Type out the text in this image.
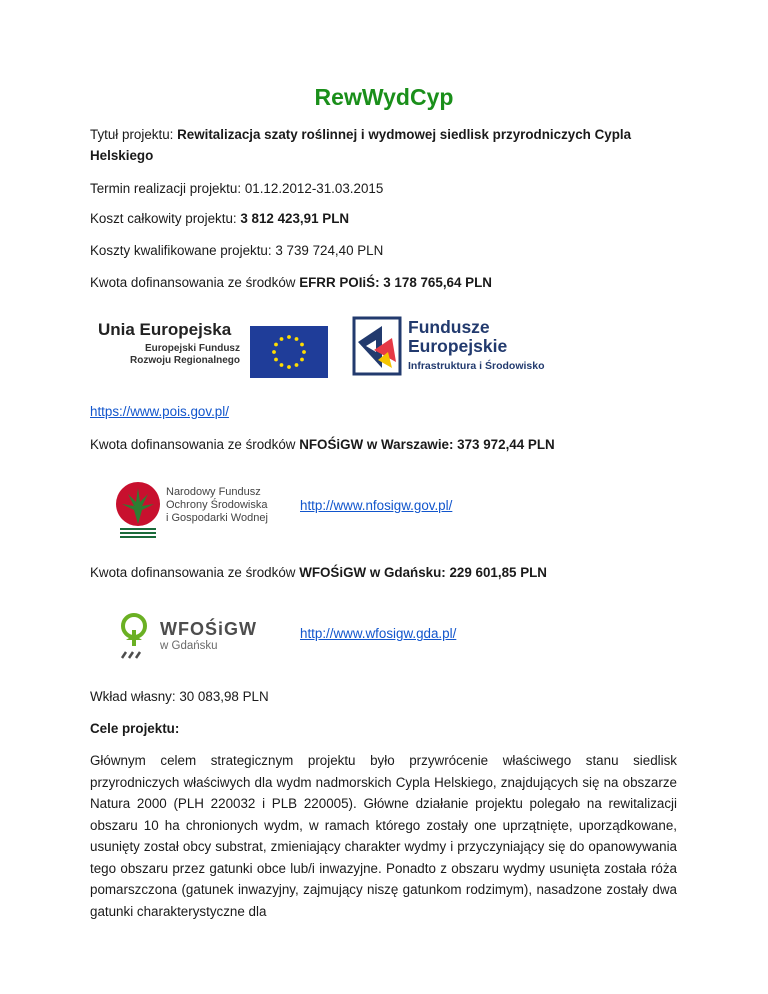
RewWydCyp
Tytuł projektu: Rewitalizacja szaty roślinnej i wydmowej siedlisk przyrodniczych Cypla Helskiego
Termin realizacji projektu: 01.12.2012-31.03.2015
Koszt całkowity projektu: 3 812 423,91 PLN
Koszty kwalifikowane projektu: 3 739 724,40 PLN
Kwota dofinansowania ze środków EFRR POIiŚ: 3 178 765,64 PLN
Unia Europejska
Europejski Fundusz
Rozwoju Regionalnego
Fundusze
Europejskie
Infrastruktura i Środowisko
https://www.pois.gov.pl/
Kwota dofinansowania ze środków NFOŚiGW w Warszawie: 373 972,44 PLN
Narodowy Fundusz
Ochrony Środowiska
i Gospodarki Wodnej
http://www.nfosigw.gov.pl/
Kwota dofinansowania ze środków WFOŚiGW w Gdańsku: 229 601,85 PLN
WFOŚiGW
w Gdańsku
http://www.wfosigw.gda.pl/
Wkład własny: 30 083,98 PLN
Cele projektu:
Głównym celem strategicznym projektu było przywrócenie właściwego stanu siedlisk przyrodniczych właściwych dla wydm nadmorskich Cypla Helskiego, znajdujących się na obszarze Natura 2000 (PLH 220032 i PLB 220005). Główne działanie projektu polegało na rewitalizacji obszaru 10 ha chronionych wydm, w ramach którego zostały one uprzątnięte, uporządkowane, usunięty został obcy substrat, zmieniający charakter wydmy i przyczyniający się do opanowywania tego obszaru przez gatunki obce lub/i inwazyjne. Ponadto z obszaru wydmy usunięta została róża pomarszczona (gatunek inwazyjny, zajmujący niszę gatunkom rodzimym), nasadzone zostały dwa gatunki charakterystyczne dla
